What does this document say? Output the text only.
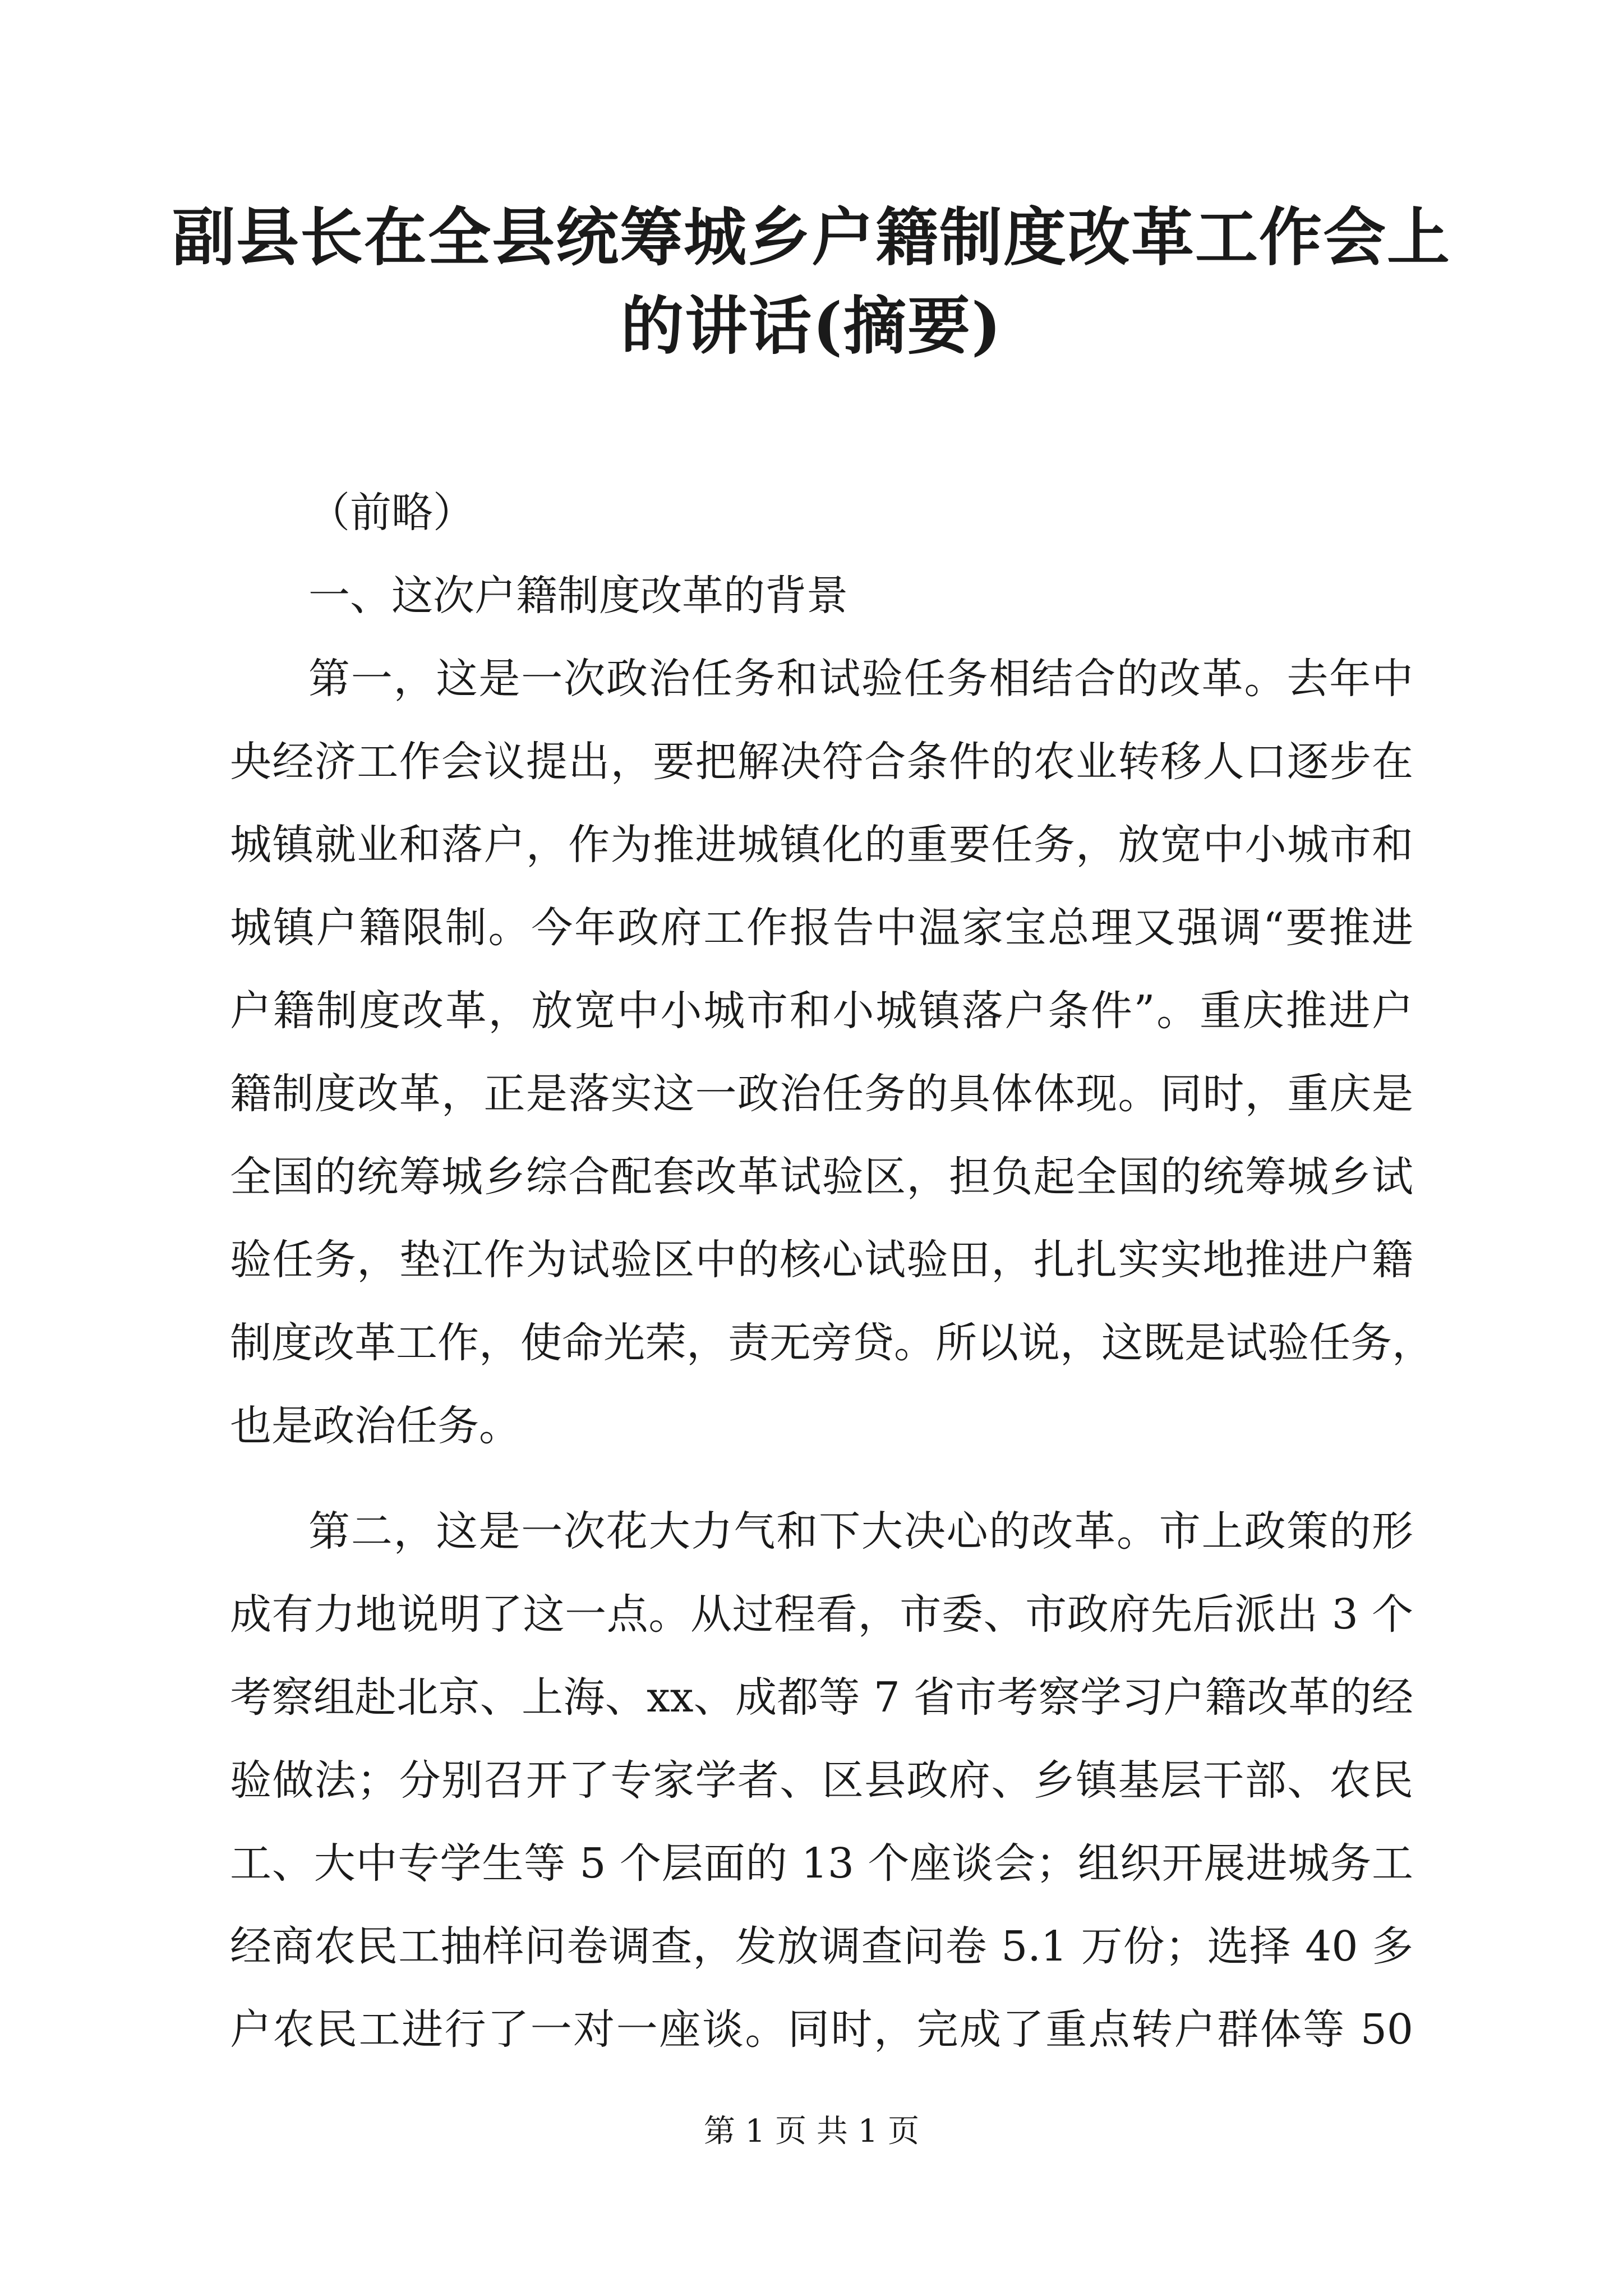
副县长在全县统筹城乡户籍制度改革工作会上
的讲话(摘要)
（前略）
一、这次户籍制度改革的背景
第一，这是一次政治任务和试验任务相结合的改革。去年中
央经济工作会议提出，要把解决符合条件的农业转移人口逐步在
城镇就业和落户，作为推进城镇化的重要任务，放宽中小城市和
城镇户籍限制。今年政府工作报告中温家宝总理又强调“要推进
户籍制度改革，放宽中小城市和小城镇落户条件”。重庆推进户
籍制度改革，正是落实这一政治任务的具体体现。同时，重庆是
全国的统筹城乡综合配套改革试验区，担负起全国的统筹城乡试
验任务，垫江作为试验区中的核心试验田，扎扎实实地推进户籍
制度改革工作，使命光荣，责无旁贷。所以说，这既是试验任务，
也是政治任务。
第二，这是一次花大力气和下大决心的改革。市上政策的形
成有力地说明了这一点。从过程看，市委、市政府先后派出 3 个
考察组赴北京、上海、xx、成都等 7 省市考察学习户籍改革的经
验做法；分别召开了专家学者、区县政府、乡镇基层干部、农民
工、大中专学生等 5 个层面的 13 个座谈会；组织开展进城务工
经商农民工抽样问卷调查，发放调查问卷 5.1 万份；选择 40 多
户农民工进行了一对一座谈。同时，完成了重点转户群体等 50
第 1 页 共 1 页
